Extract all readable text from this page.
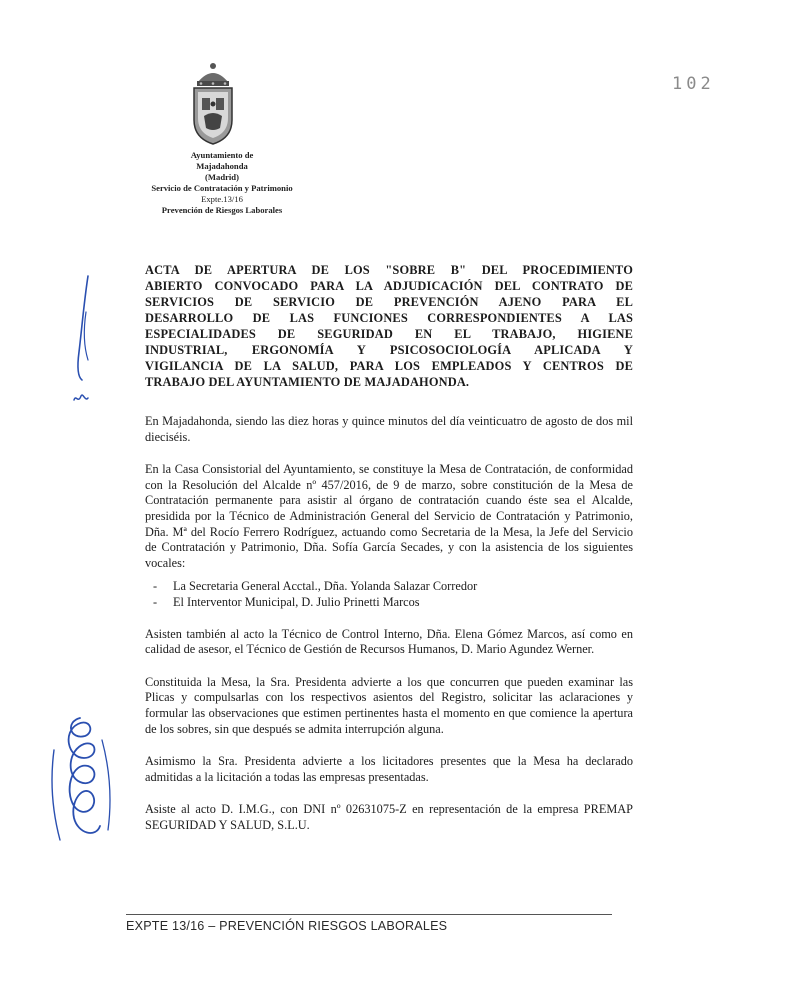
Ayuntamiento de
Majadahonda
(Madrid)
Servicio de Contratación y Patrimonio
Expte.13/16
Prevención de Riesgos Laborales
102
ACTA DE APERTURA DE LOS "SOBRE B" DEL PROCEDIMIENTO
ABIERTO CONVOCADO PARA LA ADJUDICACIÓN DEL CONTRATO DE
SERVICIOS DE SERVICIO DE PREVENCIÓN AJENO PARA EL
DESARROLLO DE LAS FUNCIONES CORRESPONDIENTES A LAS
ESPECIALIDADES DE SEGURIDAD EN EL TRABAJO, HIGIENE
INDUSTRIAL, ERGONOMÍA Y PSICOSOCIOLOGÍA APLICADA Y
VIGILANCIA DE LA SALUD, PARA LOS EMPLEADOS Y CENTROS DE
TRABAJO DEL AYUNTAMIENTO DE MAJADAHONDA.

En Majadahonda, siendo las diez horas y quince minutos del día veinticuatro de agosto de dos mil dieciséis.

En la Casa Consistorial del Ayuntamiento, se constituye la Mesa de Contratación, de conformidad con la Resolución del Alcalde nº 457/2016, de 9 de marzo, sobre constitución de la Mesa de Contratación permanente para asistir al órgano de contratación cuando éste sea el Alcalde, presidida por la Técnico de Administración General del Servicio de Contratación y Patrimonio, Dña. Mª del Rocío Ferrero Rodríguez, actuando como Secretaria de la Mesa, la Jefe del Servicio de Contratación y Patrimonio, Dña. Sofía García Secades, y con la asistencia de los siguientes vocales:

- La Secretaria General Acctal., Dña. Yolanda Salazar Corredor
- El Interventor Municipal, D. Julio Prinetti Marcos

Asisten también al acto la Técnico de Control Interno, Dña. Elena Gómez Marcos, así como en calidad de asesor, el Técnico de Gestión de Recursos Humanos, D. Mario Agundez Werner.

Constituida la Mesa, la Sra. Presidenta advierte a los que concurren que pueden examinar las Plicas y compulsarlas con los respectivos asientos del Registro, solicitar las aclaraciones y formular las observaciones que estimen pertinentes hasta el momento en que comience la apertura de los sobres, sin que después se admita interrupción alguna.

Asimismo la Sra. Presidenta advierte a los licitadores presentes que la Mesa ha declarado admitidas a la licitación a todas las empresas presentadas.

Asiste al acto D. I.M.G., con DNI nº 02631075-Z en representación de la empresa PREMAP SEGURIDAD Y SALUD, S.L.U.

EXPTE 13/16 – PREVENCIÓN RIESGOS LABORALES
